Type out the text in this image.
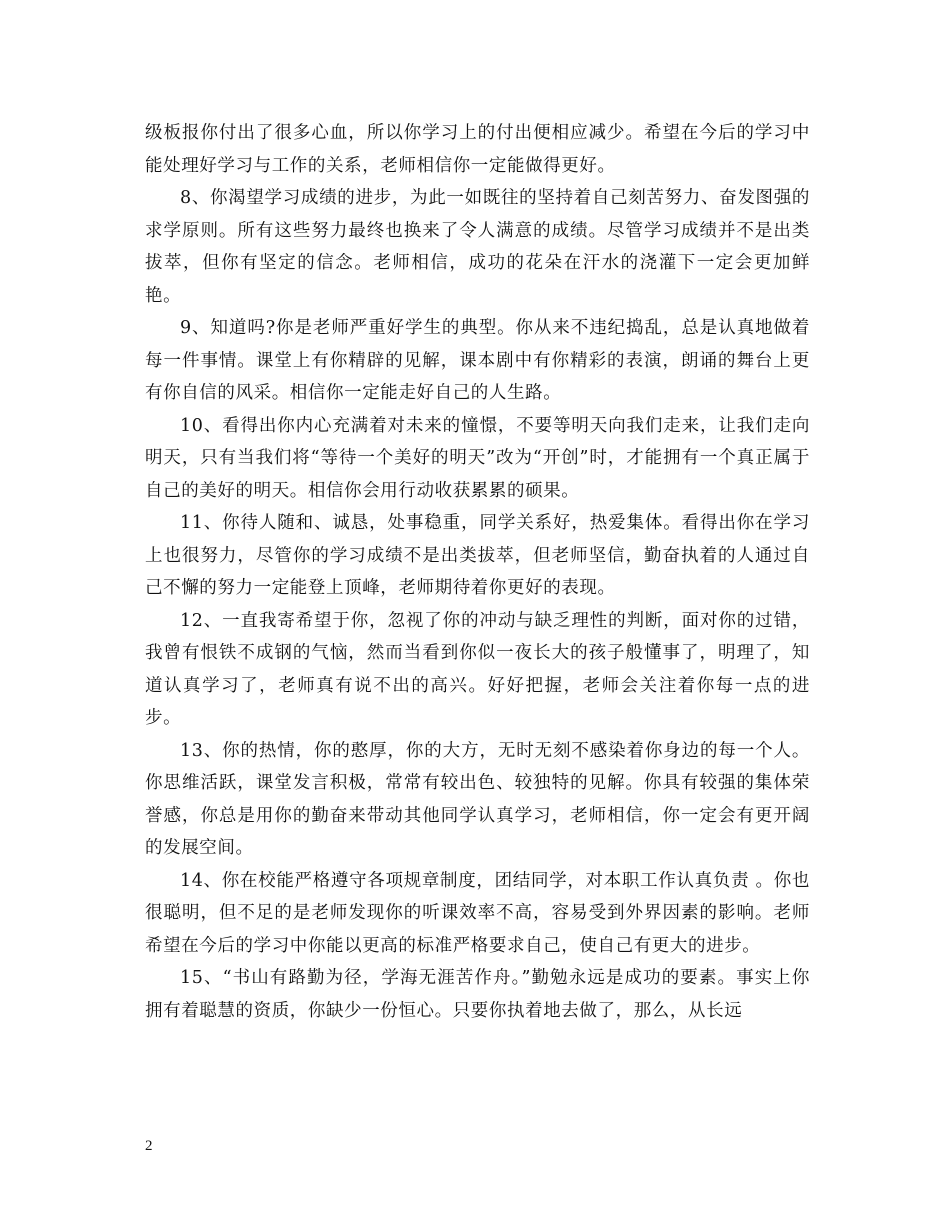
级板报你付出了很多心血，所以你学习上的付出便相应减少。希望在今后的学习中能处理好学习与工作的关系，老师相信你一定能做得更好。

8、你渴望学习成绩的进步，为此一如既往的坚持着自己刻苦努力、奋发图强的求学原则。所有这些努力最终也换来了令人满意的成绩。尽管学习成绩并不是出类拔萃，但你有坚定的信念。老师相信，成功的花朵在汗水的浇灌下一定会更加鲜艳。

9、知道吗?你是老师严重好学生的典型。你从来不违纪捣乱，总是认真地做着每一件事情。课堂上有你精辟的见解，课本剧中有你精彩的表演，朗诵的舞台上更有你自信的风采。相信你一定能走好自己的人生路。

10、看得出你内心充满着对未来的憧憬，不要等明天向我们走来，让我们走向明天，只有当我们将“等待一个美好的明天”改为“开创”时，才能拥有一个真正属于自己的美好的明天。相信你会用行动收获累累的硕果。

11、你待人随和、诚恳，处事稳重，同学关系好，热爱集体。看得出你在学习上也很努力，尽管你的学习成绩不是出类拔萃，但老师坚信，勤奋执着的人通过自己不懈的努力一定能登上顶峰，老师期待着你更好的表现。

12、一直我寄希望于你，忽视了你的冲动与缺乏理性的判断，面对你的过错，我曾有恨铁不成钢的气恼，然而当看到你似一夜长大的孩子般懂事了，明理了，知道认真学习了，老师真有说不出的高兴。好好把握，老师会关注着你每一点的进步。

13、你的热情，你的憨厚，你的大方，无时无刻不感染着你身边的每一个人。你思维活跃，课堂发言积极，常常有较出色、较独特的见解。你具有较强的集体荣誉感，你总是用你的勤奋来带动其他同学认真学习，老师相信，你一定会有更开阔的发展空间。

14、你在校能严格遵守各项规章制度，团结同学，对本职工作认真负责 。你也很聪明，但不足的是老师发现你的听课效率不高，容易受到外界因素的影响。老师希望在今后的学习中你能以更高的标准严格要求自己，使自己有更大的进步。

15、“书山有路勤为径，学海无涯苦作舟。”勤勉永远是成功的要素。事实上你拥有着聪慧的资质，你缺少一份恒心。只要你执着地去做了，那么，从长远

2
